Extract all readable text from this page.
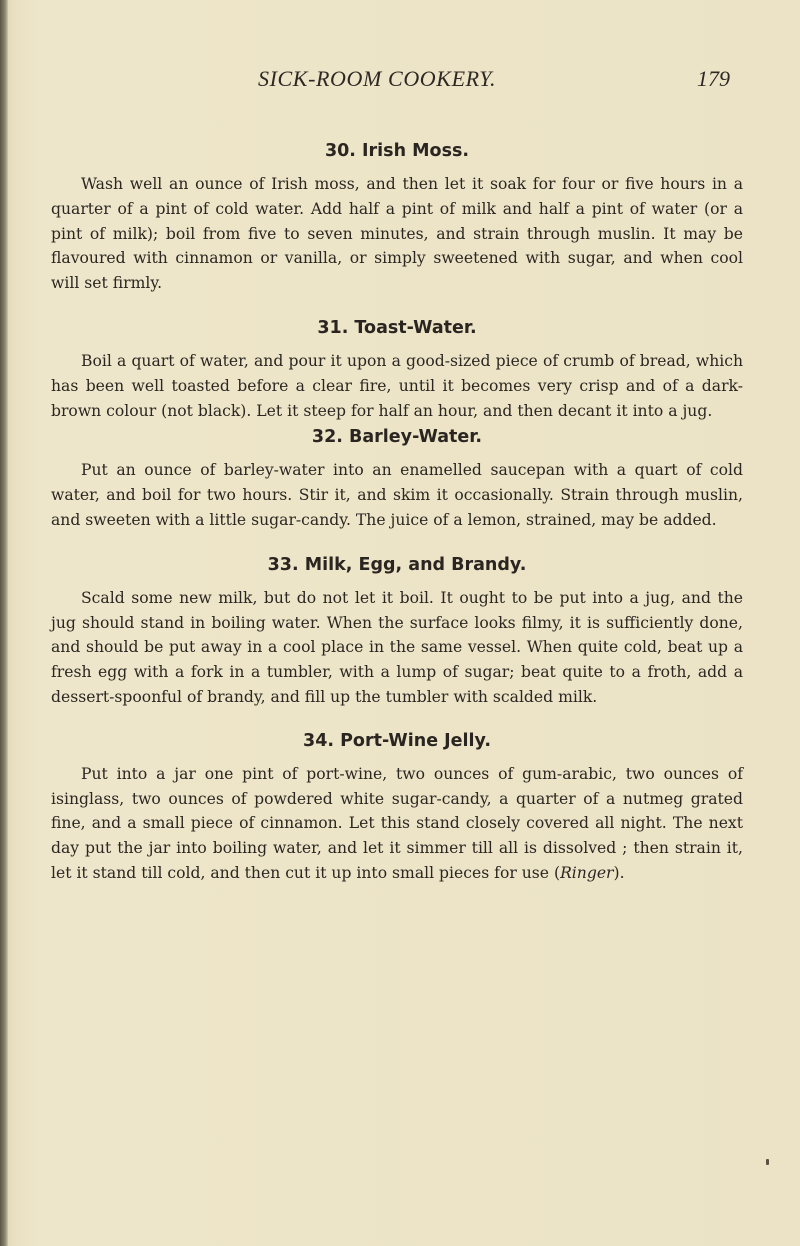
SICK-ROOM COOKERY.	179
30. Irish Moss.

Wash well an ounce of Irish moss, and then let it soak for four or five hours in a quarter of a pint of cold water. Add half a pint of milk and half a pint of water (or a pint of milk); boil from five to seven minutes, and strain through muslin. It may be flavoured with cinnamon or vanilla, or simply sweetened with sugar, and when cool will set firmly.

31. Toast-Water.

Boil a quart of water, and pour it upon a good-sized piece of crumb of bread, which has been well toasted before a clear fire, until it becomes very crisp and of a dark-brown colour (not black). Let it steep for half an hour, and then decant it into a jug.

32. Barley-Water.

Put an ounce of barley-water into an enamelled saucepan with a quart of cold water, and boil for two hours. Stir it, and skim it occasionally. Strain through muslin, and sweeten with a little sugar-candy. The juice of a lemon, strained, may be added.

33. Milk, Egg, and Brandy.

Scald some new milk, but do not let it boil. It ought to be put into a jug, and the jug should stand in boiling water. When the surface looks filmy, it is sufficiently done, and should be put away in a cool place in the same vessel. When quite cold, beat up a fresh egg with a fork in a tumbler, with a lump of sugar; beat quite to a froth, add a dessert-spoonful of brandy, and fill up the tumbler with scalded milk.

34. Port-Wine Jelly.

Put into a jar one pint of port-wine, two ounces of gum-arabic, two ounces of isinglass, two ounces of powdered white sugar-candy, a quarter of a nutmeg grated fine, and a small piece of cinnamon. Let this stand closely covered all night. The next day put the jar into boiling water, and let it simmer till all is dissolved ; then strain it, let it stand till cold, and then cut it up into small pieces for use (Ringer).
